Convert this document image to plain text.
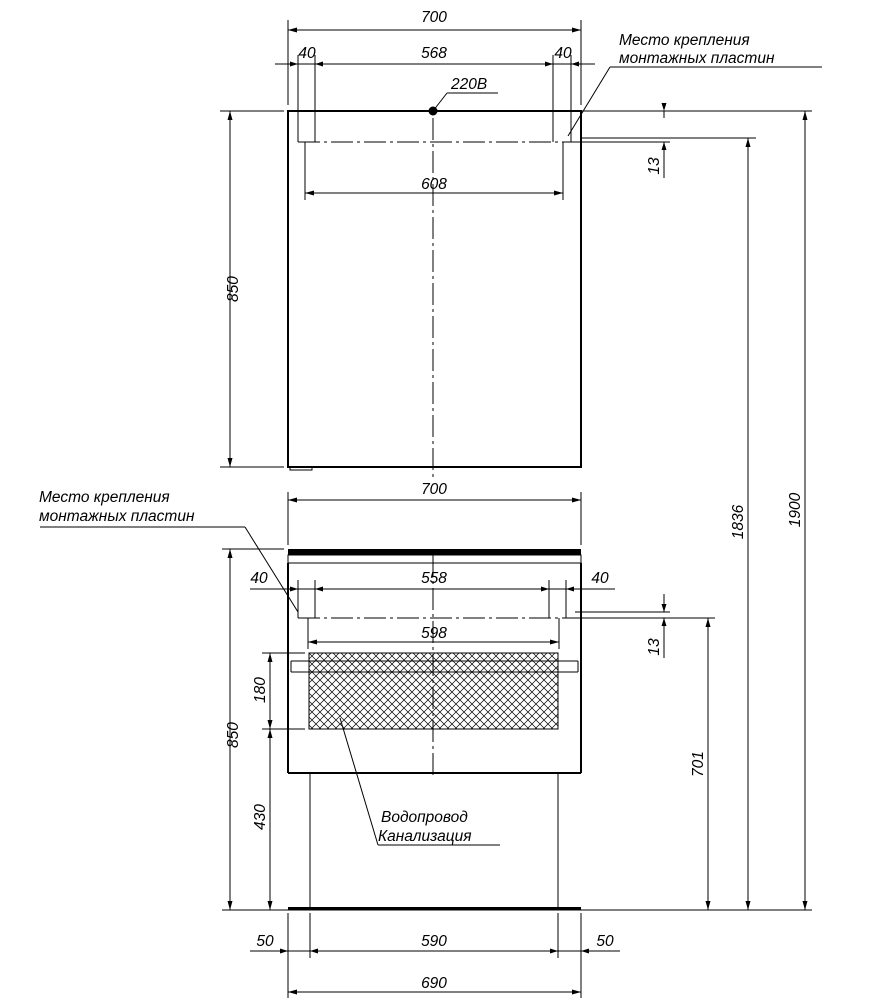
700
40	568	40
220В
608
Место крепления
монтажных пластин
13
850
700
Место крепления
монтажных пластин
40	558	40
598
13
701
850
180
430	Водопровод
Канализация
50	590	50
690
1836	1900
